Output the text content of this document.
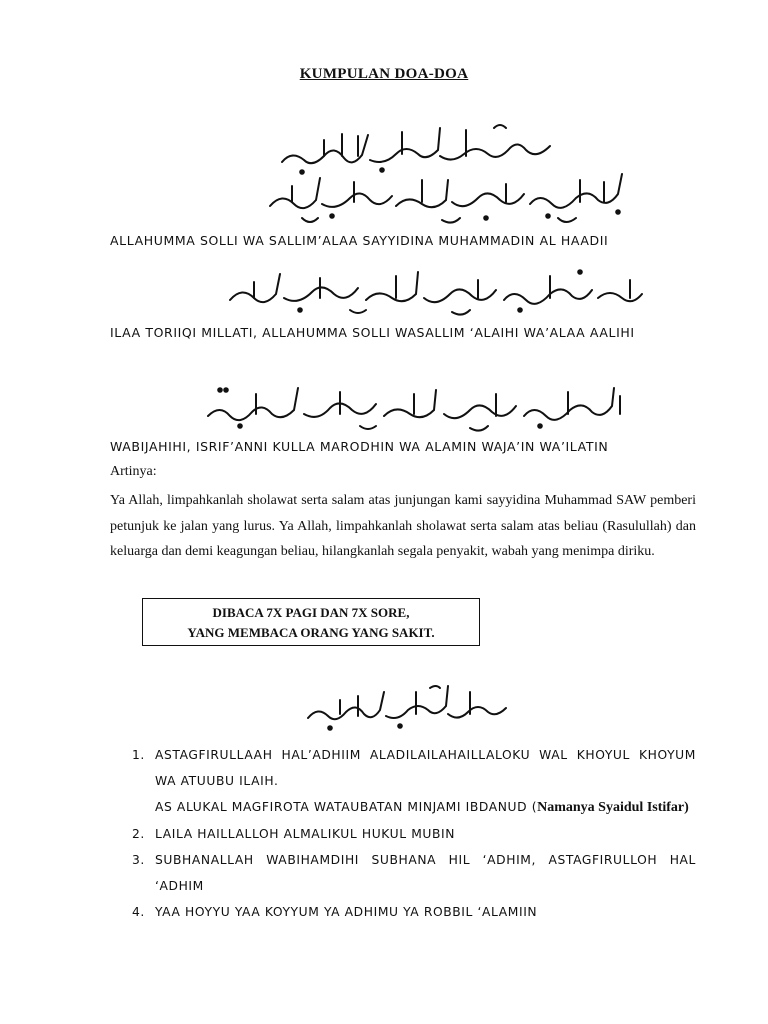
KUMPULAN DOA-DOA
ALLAHUMMA SOLLI WA SALLIM’ALAA SAYYIDINA MUHAMMADIN AL HAADII
ILAA TORIIQI MILLATI, ALLAHUMMA SOLLI WASALLIM ‘ALAIHI WA’ALAA AALIHI
WABIJAHIHI, ISRIF’ANNI KULLA MARODHIN WA ALAMIN WAJA’IN WA’ILATIN
Artinya:
Ya Allah, limpahkanlah sholawat serta salam atas junjungan kami sayyidina Muhammad SAW pemberi petunjuk ke jalan yang lurus. Ya Allah, limpahkanlah sholawat serta salam atas beliau (Rasulullah) dan keluarga dan demi keagungan beliau, hilangkanlah segala penyakit, wabah yang menimpa diriku.
DIBACA 7X PAGI DAN 7X SORE,
YANG MEMBACA ORANG YANG SAKIT.
1. ASTAGFIRULLAAH HAL’ADHIIM ALADILAILAHAILLALOKU WAL KHOYUL KHOYUM WA ATUUBU ILAIH.
AS ALUKAL MAGFIROTA WATAUBATAN MINJAMI IBDANUD (Namanya Syaidul Istifar)
2. LAILA HAILLALLOH ALMALIKUL HUKUL MUBIN
3. SUBHANALLAH WABIHAMDIHI SUBHANA HIL ‘ADHIM, ASTAGFIRULLOH HAL ‘ADHIM
4. YAA HOYYU YAA KOYYUM YA ADHIMU YA ROBBIL ‘ALAMIIN
